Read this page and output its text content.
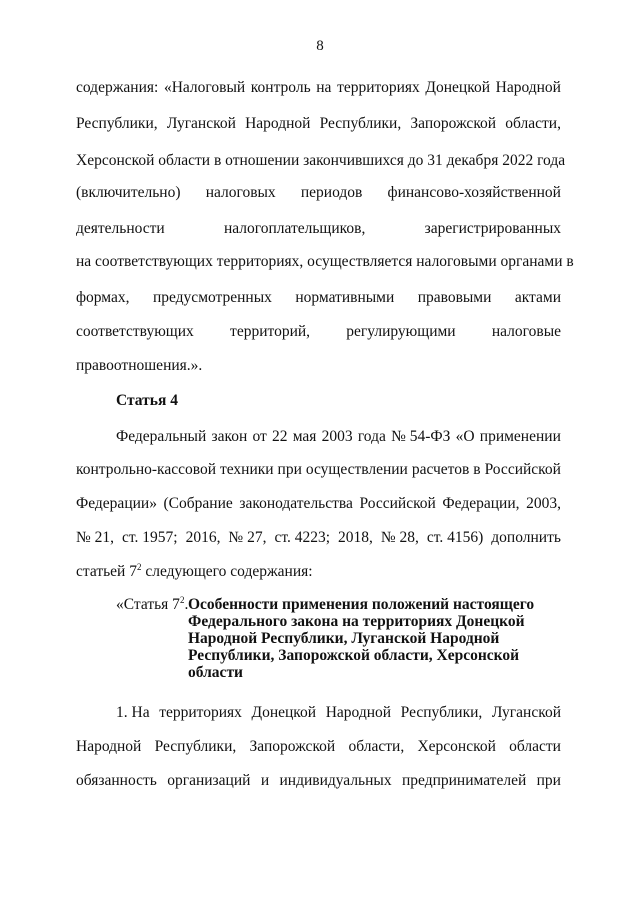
8
содержания: «Налоговый контроль на территориях Донецкой Народной
Республики, Луганской Народной Республики, Запорожской области,
Херсонской области в отношении закончившихся до 31 декабря 2022 года
(включительно) налоговых периодов финансово-хозяйственной
деятельности	налогоплательщиков,	зарегистрированных
на соответствующих территориях, осуществляется налоговыми органами в
формах, предусмотренных нормативными правовыми актами
соответствующих территорий, регулирующими налоговые
правоотношения.».
Статья 4
Федеральный закон от 22 мая 2003 года № 54-ФЗ «О применении
контрольно-кассовой техники при осуществлении расчетов в Российской
Федерации» (Собрание законодательства Российской Федерации, 2003,
№ 21, ст. 1957; 2016, № 27, ст. 4223; 2018, № 28, ст. 4156) дополнить
статьей $7^2$ следующего содержания:
«Статья $7^2$. Особенности применения положений настоящего Федерального закона на территориях Донецкой Народной Республики, Луганской Народной Республики, Запорожской области, Херсонской области
1. На территориях Донецкой Народной Республики, Луганской
Народной Республики, Запорожской области, Херсонской области
обязанность организаций и индивидуальных предпринимателей при
